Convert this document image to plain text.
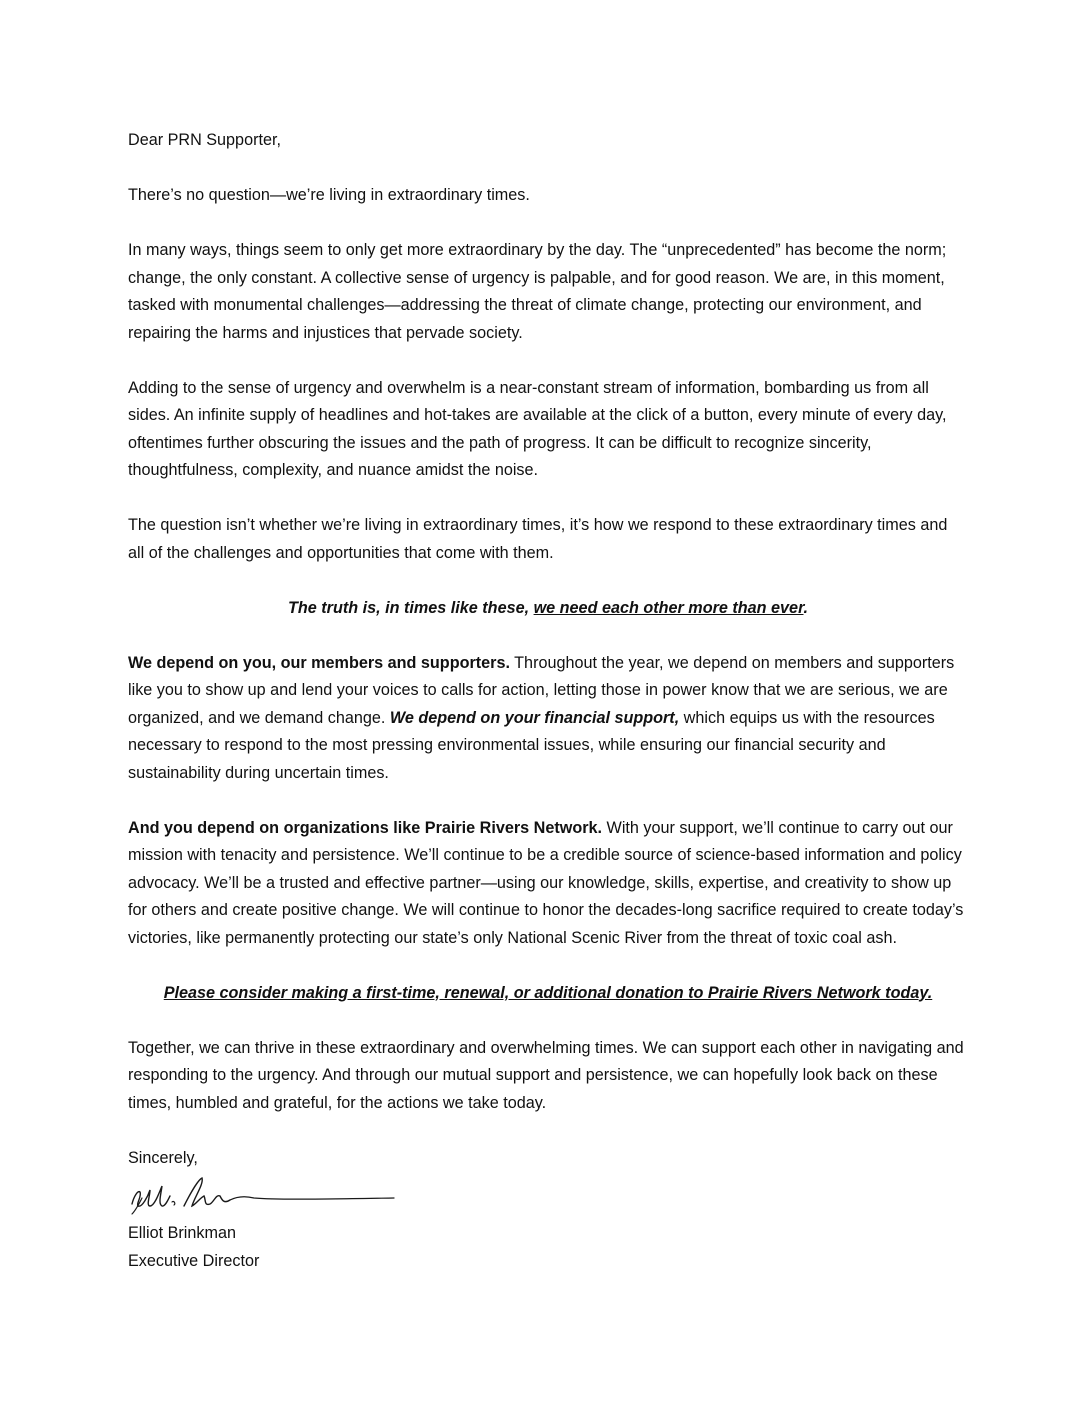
Dear PRN Supporter,

There’s no question—we’re living in extraordinary times.

In many ways, things seem to only get more extraordinary by the day. The “unprecedented” has become the norm; change, the only constant. A collective sense of urgency is palpable, and for good reason. We are, in this moment, tasked with monumental challenges—addressing the threat of climate change, protecting our environment, and repairing the harms and injustices that pervade society.

Adding to the sense of urgency and overwhelm is a near-constant stream of information, bombarding us from all sides. An infinite supply of headlines and hot-takes are available at the click of a button, every minute of every day, oftentimes further obscuring the issues and the path of progress. It can be difficult to recognize sincerity, thoughtfulness, complexity, and nuance amidst the noise.

The question isn’t whether we’re living in extraordinary times, it’s how we respond to these extraordinary times and all of the challenges and opportunities that come with them.

The truth is, in times like these, we need each other more than ever.

We depend on you, our members and supporters. Throughout the year, we depend on members and supporters like you to show up and lend your voices to calls for action, letting those in power know that we are serious, we are organized, and we demand change. We depend on your financial support, which equips us with the resources necessary to respond to the most pressing environmental issues, while ensuring our financial security and sustainability during uncertain times.

And you depend on organizations like Prairie Rivers Network. With your support, we’ll continue to carry out our mission with tenacity and persistence. We’ll continue to be a credible source of science-based information and policy advocacy. We’ll be a trusted and effective partner—using our knowledge, skills, expertise, and creativity to show up for others and create positive change. We will continue to honor the decades-long sacrifice required to create today’s victories, like permanently protecting our state’s only National Scenic River from the threat of toxic coal ash.

Please consider making a first-time, renewal, or additional donation to Prairie Rivers Network today.

Together, we can thrive in these extraordinary and overwhelming times. We can support each other in navigating and responding to the urgency. And through our mutual support and persistence, we can hopefully look back on these times, humbled and grateful, for the actions we take today.

Sincerely,

Elliot Brinkman
Executive Director
